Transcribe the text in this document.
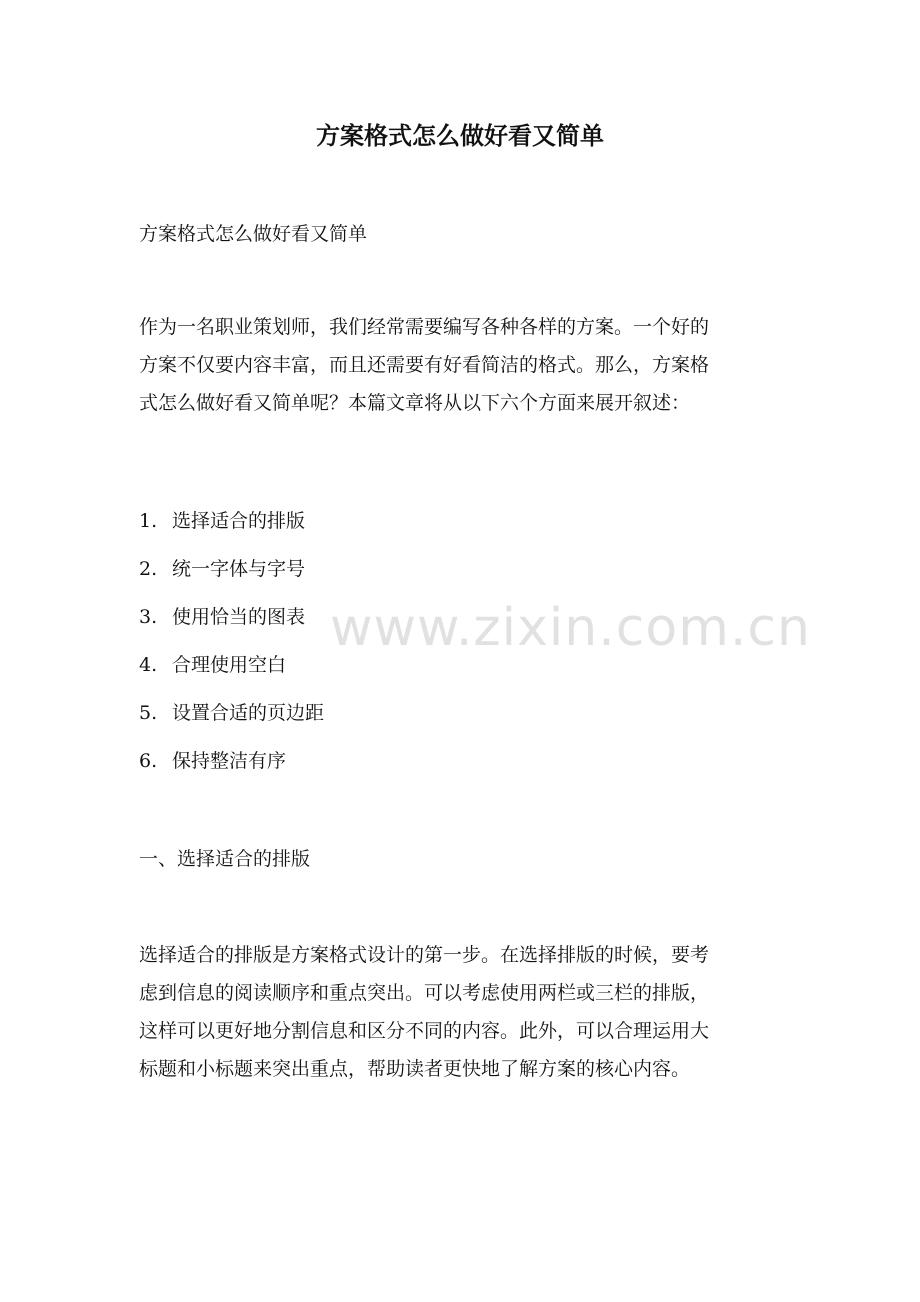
方案格式怎么做好看又简单

方案格式怎么做好看又简单

作为一名职业策划师，我们经常需要编写各种各样的方案。一个好的

方案不仅要内容丰富，而且还需要有好看简洁的格式。那么，方案格

式怎么做好看又简单呢？本篇文章将从以下六个方面来展开叙述：

1. 选择适合的排版
2. 统一字体与字号
3. 使用恰当的图表
4. 合理使用空白
5. 设置合适的页边距
6. 保持整洁有序

一、选择适合的排版

选择适合的排版是方案格式设计的第一步。在选择排版的时候，要考

虑到信息的阅读顺序和重点突出。可以考虑使用两栏或三栏的排版，

这样可以更好地分割信息和区分不同的内容。此外，可以合理运用大

标题和小标题来突出重点，帮助读者更快地了解方案的核心内容。

www.zixin.com.cn
